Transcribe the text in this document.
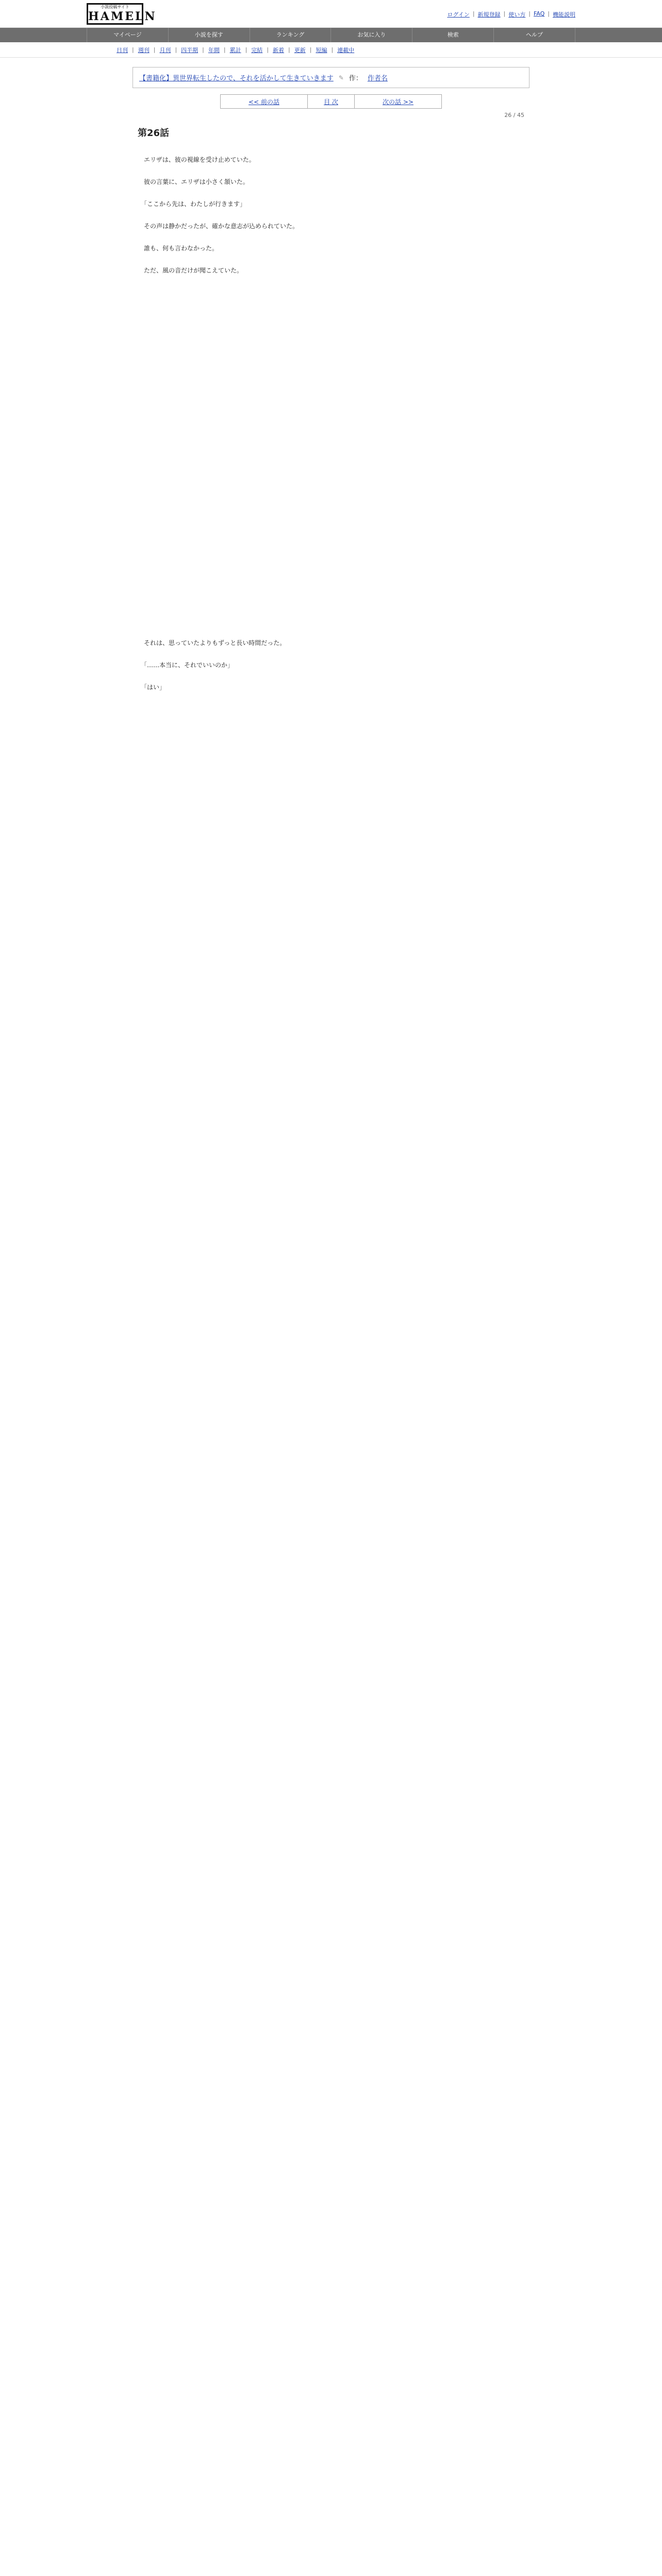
小説投稿サイト
HAMELN	ログイン | 新規登録 | 使い方 | FAQ | 機能説明
マイページ	小説を探す	ランキング	お気に入り	検索	ヘルプ
日刊 | 週刊 | 月刊 | 四半期 | 年間 | 累計 | 完結 | 新着 | 更新 | 短編 | 連載中
【書籍化】異世界転生したので、それを活かして生きていきます ✎ 作： 作者名
<< 前の話	目 次	次の話 >>
26 / 45
第26話

　エリザは、彼の視線を受け止めていた。

　彼の言葉に、エリザは小さく頷いた。

　「ここから先は、わたしが行きます」

　その声は静かだったが、確かな意志が込められていた。

　誰も、何も言わなかった。

　ただ、風の音だけが聞こえていた。

　それは、思っていたよりもずっと長い時間だった。

　「……本当に、それでいいのか」

　「はい」
